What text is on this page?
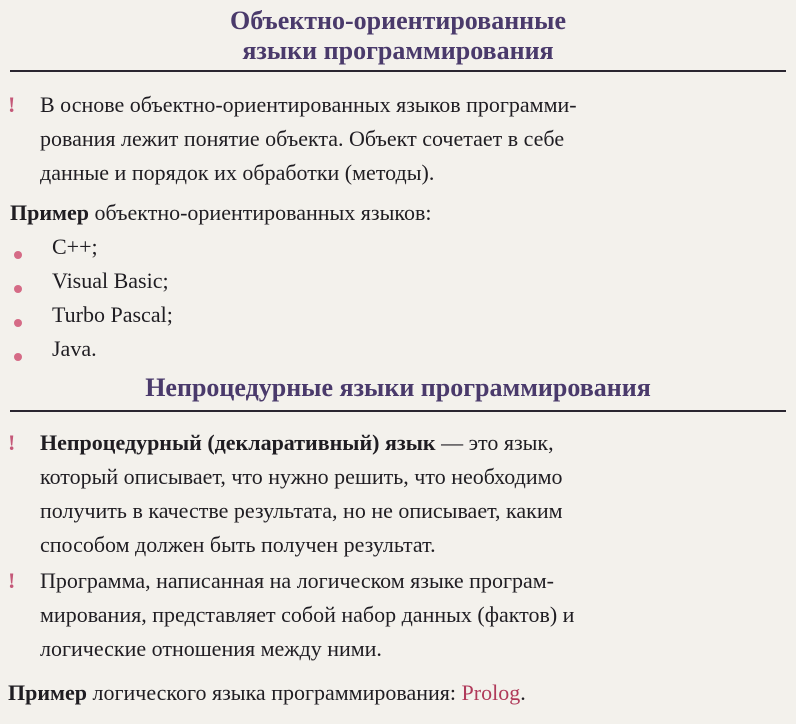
Объектно-ориентированные

языки программирования

! В основе объектно-ориентированных языков программи-

рования лежит понятие объекта. Объект сочетает в себе

данные и порядок их обработки (методы).

Пример объектно-ориентированных языков:

C++;

Visual Basic;

Turbo Pascal;

Java.

Непроцедурные языки программирования

! Непроцедурный (декларативный) язык — это язык,

который описывает, что нужно решить, что необходимо

получить в качестве результата, но не описывает, каким

способом должен быть получен результат.

! Программа, написанная на логическом языке програм-

мирования, представляет собой набор данных (фактов) и

логические отношения между ними.

Пример логического языка программирования: Prolog.
